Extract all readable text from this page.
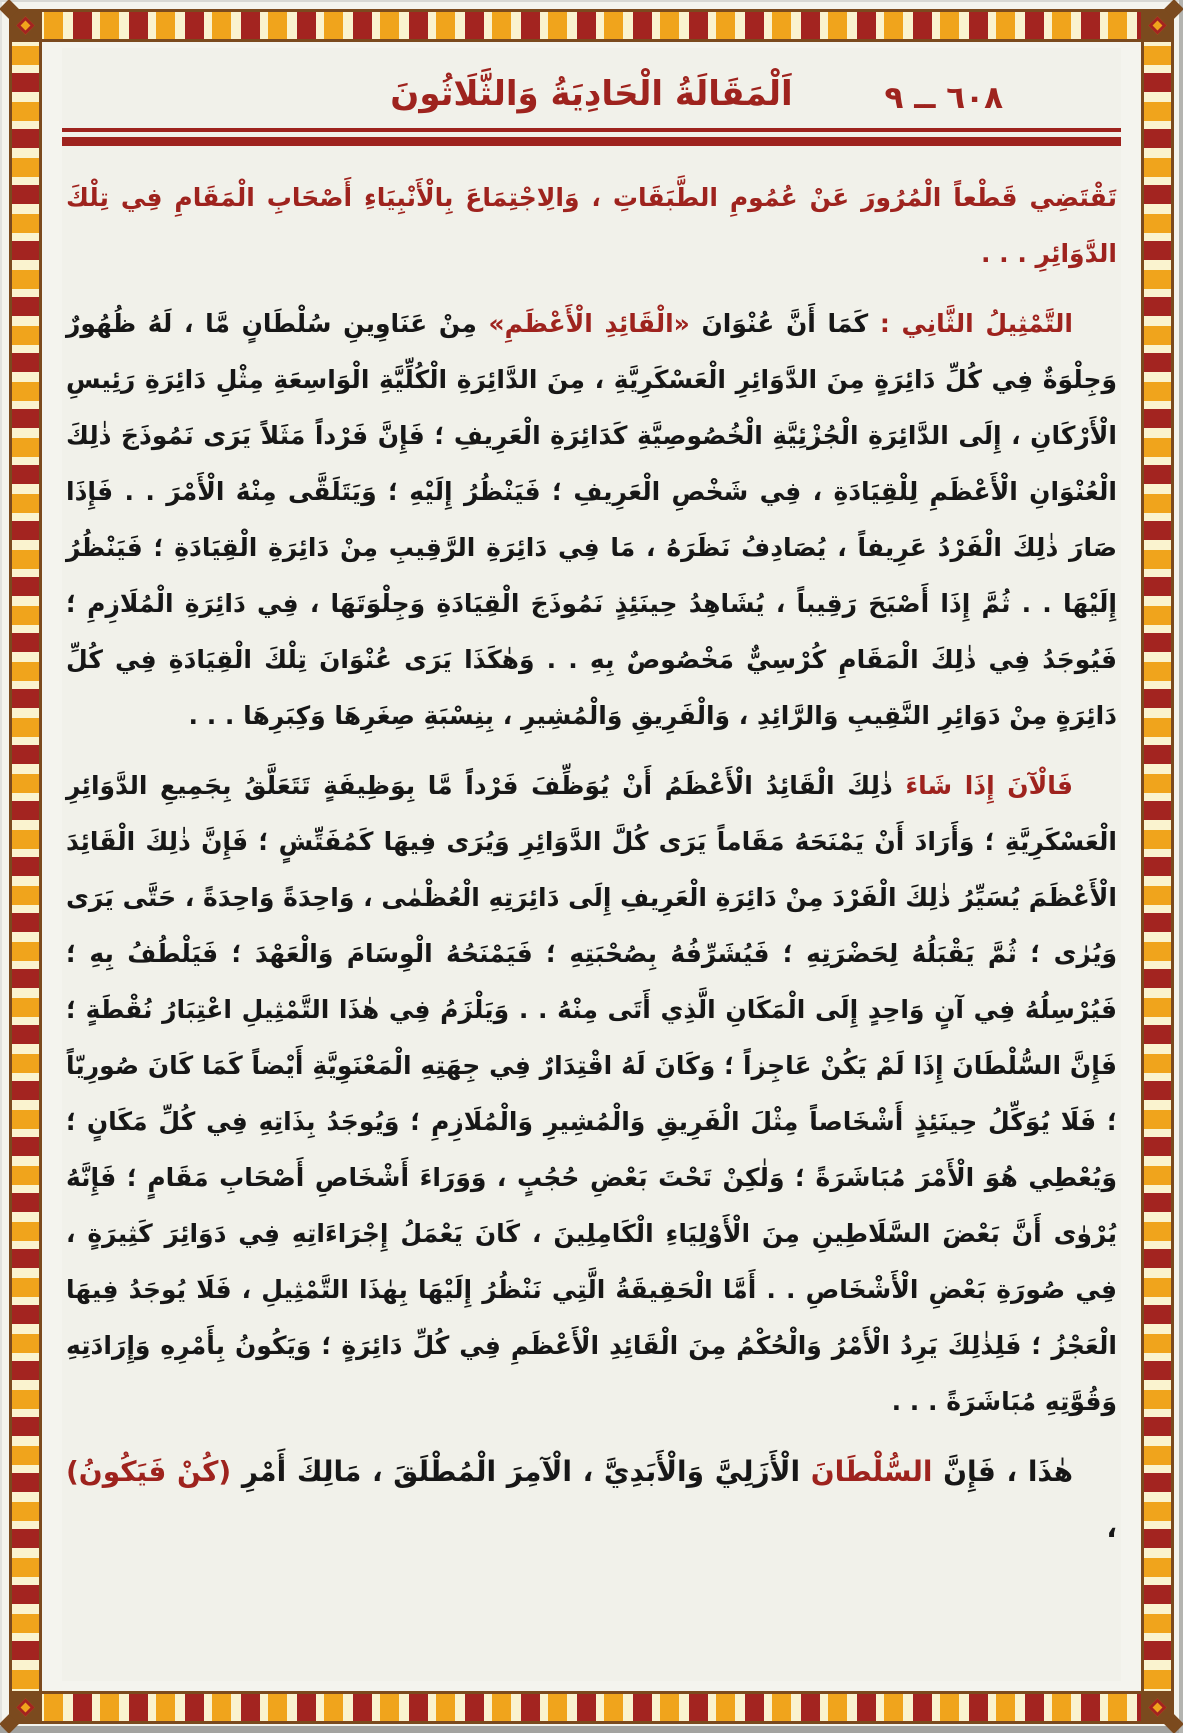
٦٠٨ ــ ٩
اَلْمَقَالَةُ الْحَادِيَةُ وَالثَّلَاثُونَ

تَقْتَضِي قَطْعاً الْمُرُورَ عَنْ عُمُومِ الطَّبَقَاتِ ، وَالِاجْتِمَاعَ بِالْأَنْبِيَاءِ أَصْحَابِ الْمَقَامِ فِي تِلْكَ الدَّوَائِرِ . . .

التَّمْثِيلُ الثَّانِي : كَمَا أَنَّ عُنْوَانَ «الْقَائِدِ الْأَعْظَمِ» مِنْ عَنَاوِينِ سُلْطَانٍ مَّا ، لَهُ ظُهُورٌ وَجِلْوَةٌ فِي كُلِّ دَائِرَةٍ مِنَ الدَّوَائِرِ الْعَسْكَرِيَّةِ ، مِنَ الدَّائِرَةِ الْكُلِّيَّةِ الْوَاسِعَةِ مِثْلِ دَائِرَةِ رَئِيسِ الْأَرْكَانِ ، إِلَى الدَّائِرَةِ الْجُزْئِيَّةِ الْخُصُوصِيَّةِ كَدَائِرَةِ الْعَرِيفِ ؛ فَإِنَّ فَرْداً مَثَلاً يَرَى نَمُوذَجَ ذٰلِكَ الْعُنْوَانِ الْأَعْظَمِ لِلْقِيَادَةِ ، فِي شَخْصِ الْعَرِيفِ ؛ فَيَنْظُرُ إِلَيْهِ ؛ وَيَتَلَقَّى مِنْهُ الْأَمْرَ . . فَإِذَا صَارَ ذٰلِكَ الْفَرْدُ عَرِيفاً ، يُصَادِفُ نَظَرَهُ ، مَا فِي دَائِرَةِ الرَّقِيبِ مِنْ دَائِرَةِ الْقِيَادَةِ ؛ فَيَنْظُرُ إِلَيْهَا . . ثُمَّ إِذَا أَصْبَحَ رَقِيباً ، يُشَاهِدُ حِينَئِذٍ نَمُوذَجَ الْقِيَادَةِ وَجِلْوَتَهَا ، فِي دَائِرَةِ الْمُلَازِمِ ؛ فَيُوجَدُ فِي ذٰلِكَ الْمَقَامِ كُرْسِيٌّ مَخْصُوصٌ بِهِ . . وَهٰكَذَا يَرَى عُنْوَانَ تِلْكَ الْقِيَادَةِ فِي كُلِّ دَائِرَةٍ مِنْ دَوَائِرِ النَّقِيبِ وَالرَّائِدِ ، وَالْفَرِيقِ وَالْمُشِيرِ ، بِنِسْبَةِ صِغَرِهَا وَكِبَرِهَا . . .

فَالْآنَ إِذَا شَاءَ ذٰلِكَ الْقَائِدُ الْأَعْظَمُ أَنْ يُوَظِّفَ فَرْداً مَّا بِوَظِيفَةٍ تَتَعَلَّقُ بِجَمِيعِ الدَّوَائِرِ الْعَسْكَرِيَّةِ ؛ وَأَرَادَ أَنْ يَمْنَحَهُ مَقَاماً يَرَى كُلَّ الدَّوَائِرِ وَيُرَى فِيهَا كَمُفَتِّشٍ ؛ فَإِنَّ ذٰلِكَ الْقَائِدَ الْأَعْظَمَ يُسَيِّرُ ذٰلِكَ الْفَرْدَ مِنْ دَائِرَةِ الْعَرِيفِ إِلَى دَائِرَتِهِ الْعُظْمٰى ، وَاحِدَةً وَاحِدَةً ، حَتَّى يَرَى وَيُرٰى ؛ ثُمَّ يَقْبَلُهُ لِحَضْرَتِهِ ؛ فَيُشَرِّفُهُ بِصُحْبَتِهِ ؛ فَيَمْنَحُهُ الْوِسَامَ وَالْعَهْدَ ؛ فَيَلْطُفُ بِهِ ؛ فَيُرْسِلُهُ فِي آنٍ وَاحِدٍ إِلَى الْمَكَانِ الَّذِي أَتَى مِنْهُ . . وَيَلْزَمُ فِي هٰذَا التَّمْثِيلِ اعْتِبَارُ نُقْطَةٍ ؛ فَإِنَّ السُّلْطَانَ إِذَا لَمْ يَكُنْ عَاجِزاً ؛ وَكَانَ لَهُ اقْتِدَارٌ فِي جِهَتِهِ الْمَعْنَوِيَّةِ أَيْضاً كَمَا كَانَ صُورِيّاً ؛ فَلَا يُوَكِّلُ حِينَئِذٍ أَشْخَاصاً مِثْلَ الْفَرِيقِ وَالْمُشِيرِ وَالْمُلَازِمِ ؛ وَيُوجَدُ بِذَاتِهِ فِي كُلِّ مَكَانٍ ؛ وَيُعْطِي هُوَ الْأَمْرَ مُبَاشَرَةً ؛ وَلٰكِنْ تَحْتَ بَعْضِ حُجُبٍ ، وَوَرَاءَ أَشْخَاصِ أَصْحَابِ مَقَامٍ ؛ فَإِنَّهُ يُرْوٰى أَنَّ بَعْضَ السَّلَاطِينِ مِنَ الْأَوْلِيَاءِ الْكَامِلِينَ ، كَانَ يَعْمَلُ إِجْرَاءَاتِهِ فِي دَوَائِرَ كَثِيرَةٍ ، فِي صُورَةِ بَعْضِ الْأَشْخَاصِ . . أَمَّا الْحَقِيقَةُ الَّتِي نَنْظُرُ إِلَيْهَا بِهٰذَا التَّمْثِيلِ ، فَلَا يُوجَدُ فِيهَا الْعَجْزُ ؛ فَلِذٰلِكَ يَرِدُ الْأَمْرُ وَالْحُكْمُ مِنَ الْقَائِدِ الْأَعْظَمِ فِي كُلِّ دَائِرَةٍ ؛ وَيَكُونُ بِأَمْرِهِ وَإِرَادَتِهِ وَقُوَّتِهِ مُبَاشَرَةً . . .

هٰذَا ، فَإِنَّ السُّلْطَانَ الْأَزَلِيَّ وَالْأَبَدِيَّ ، الْآمِرَ الْمُطْلَقَ ، مَالِكَ أَمْرِ (كُنْ فَيَكُونُ) ،
